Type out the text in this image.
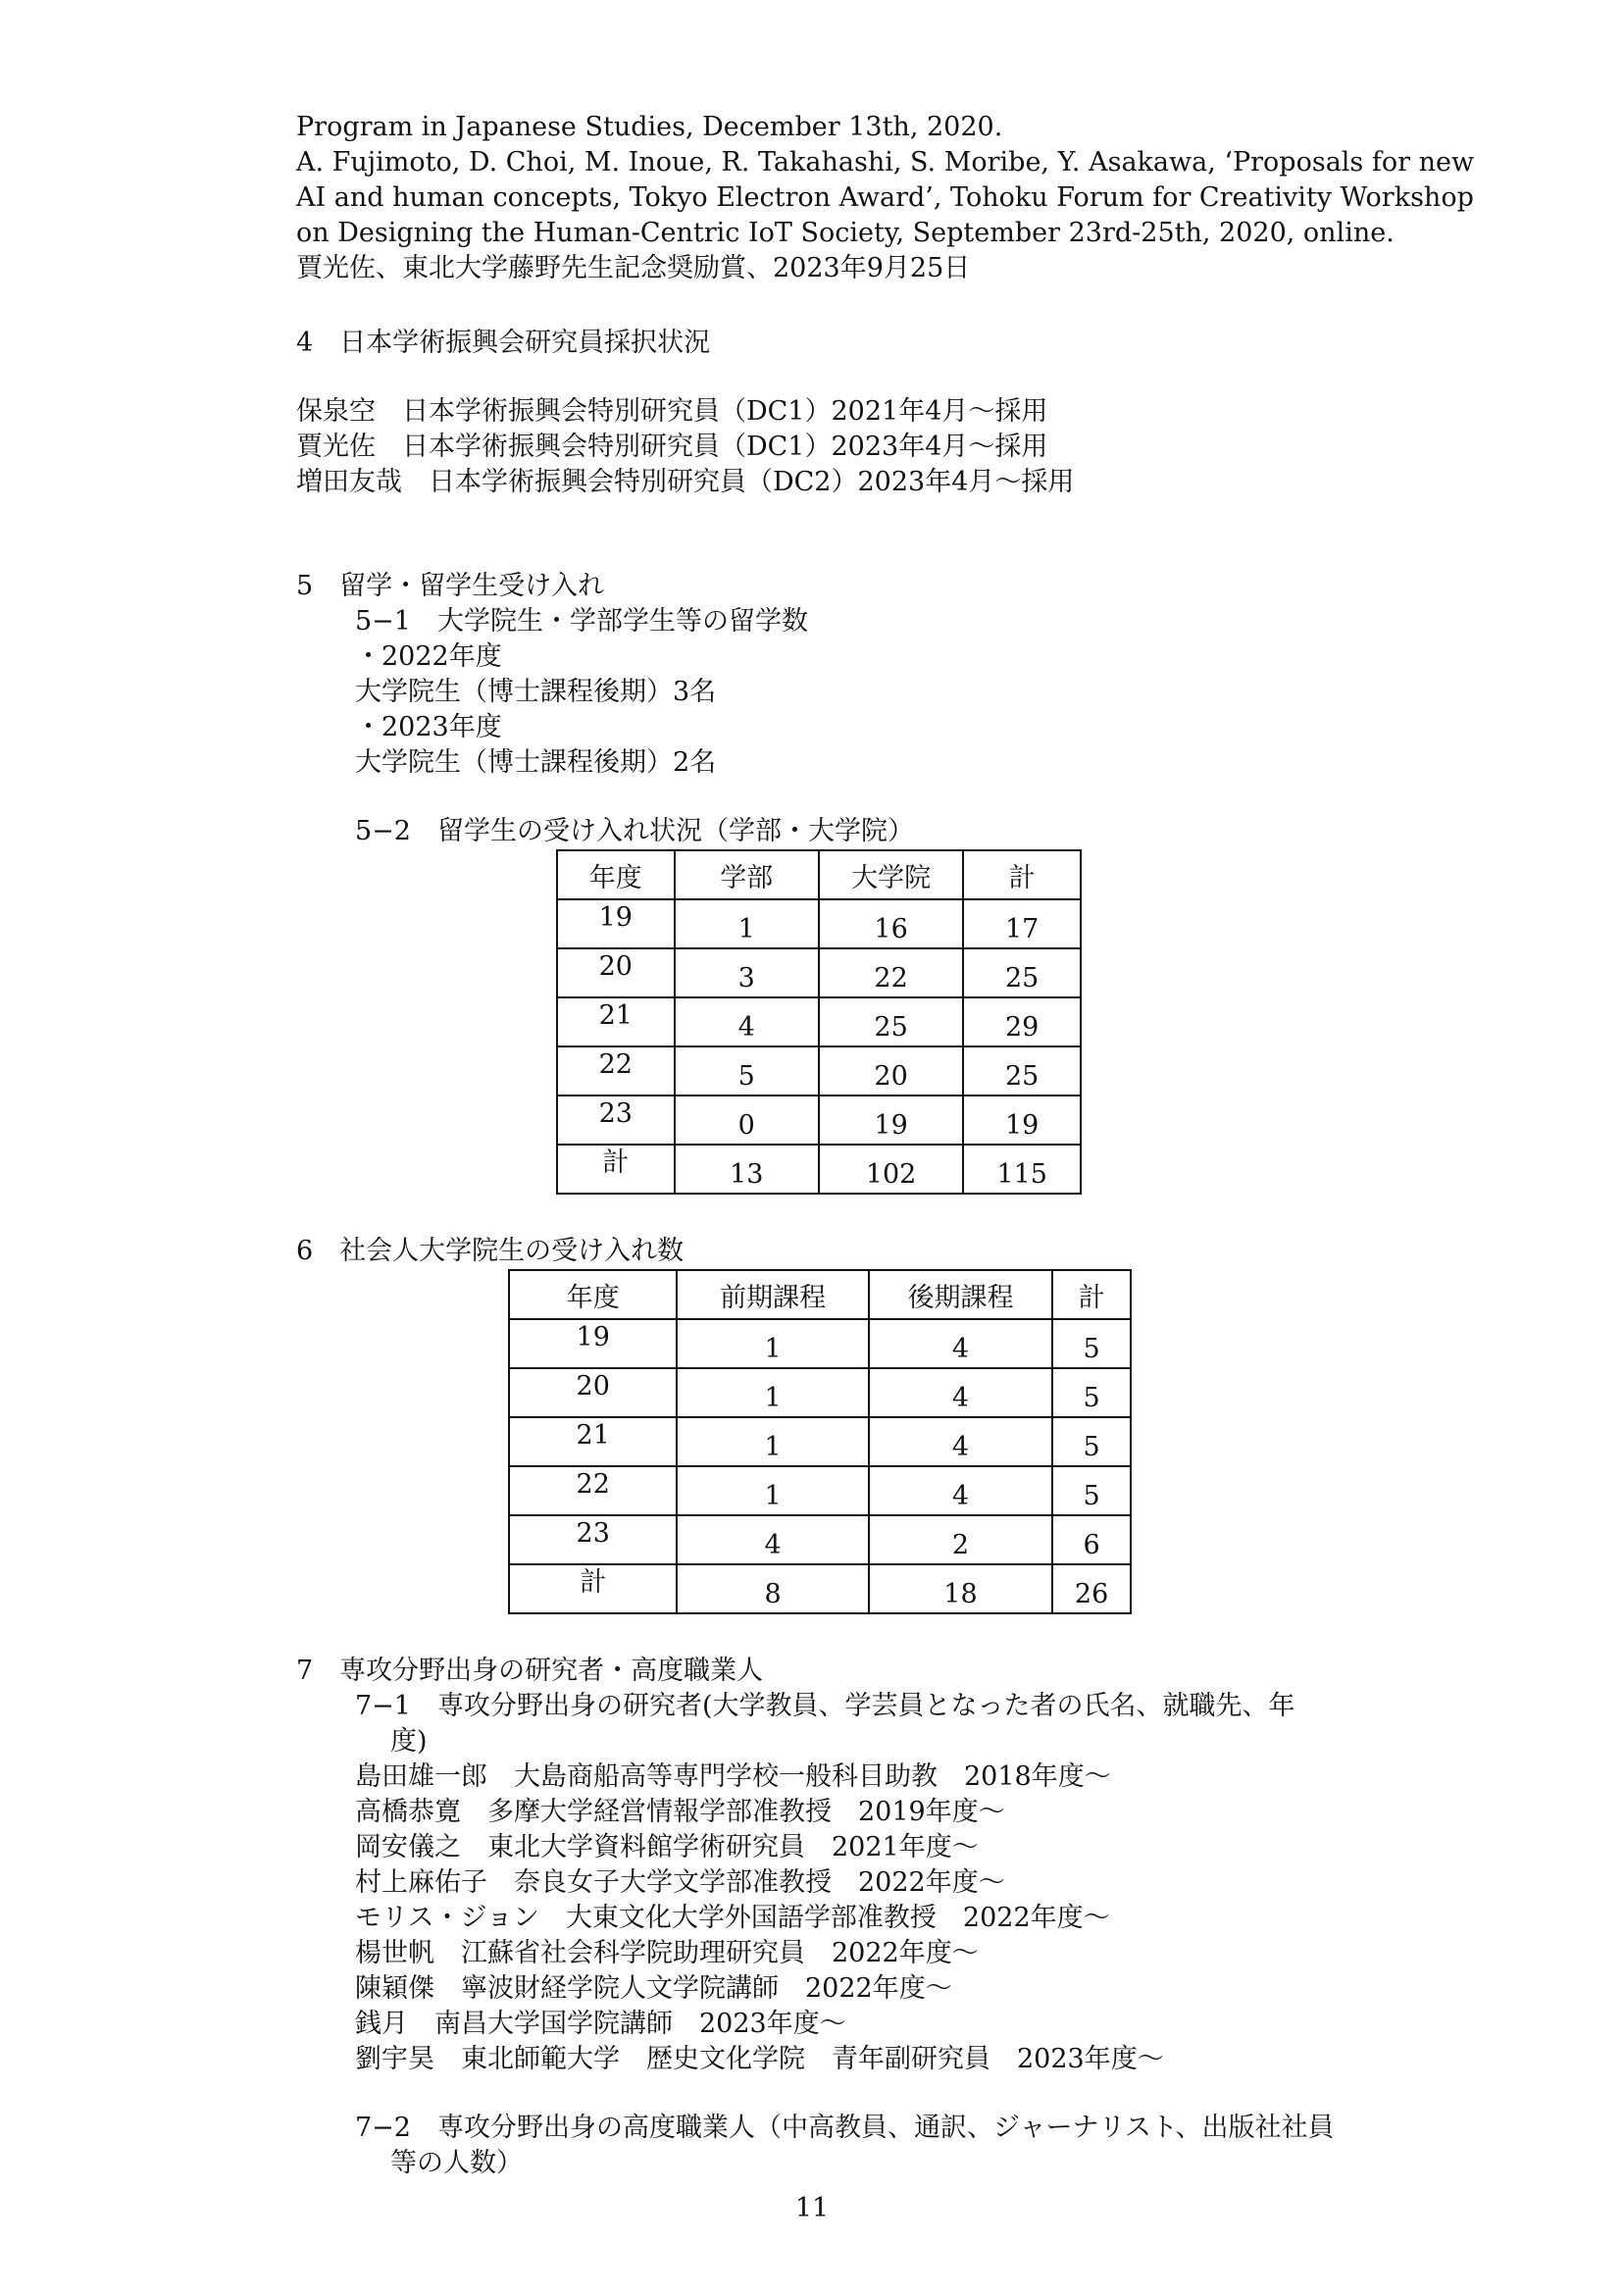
Program in Japanese Studies, December 13th, 2020.
A. Fujimoto, D. Choi, M. Inoue, R. Takahashi, S. Moribe, Y. Asakawa, ‘Proposals for new
AI and human concepts, Tokyo Electron Award’, Tohoku Forum for Creativity Workshop
on Designing the Human-Centric IoT Society, September 23rd-25th, 2020, online.
賈光佐、東北大学藤野先生記念奨励賞、2023年9月25日
4　日本学術振興会研究員採択状況
保泉空　日本学術振興会特別研究員（DC1）2021年4月～採用
賈光佐　日本学術振興会特別研究員（DC1）2023年4月～採用
増田友哉　日本学術振興会特別研究員（DC2）2023年4月～採用
5　留学・留学生受け入れ
5−1　大学院生・学部学生等の留学数
・2022年度
大学院生（博士課程後期）3名
・2023年度
大学院生（博士課程後期）2名
5−2　留学生の受け入れ状況（学部・大学院）
年度	学部	大学院	計
19	1	16	17
20	3	22	25
21	4	25	29
22	5	20	25
23	0	19	19
計	13	102	115
6　社会人大学院生の受け入れ数
年度	前期課程	後期課程	計
19	1	4	5
20	1	4	5
21	1	4	5
22	1	4	5
23	4	2	6
計	8	18	26
7　専攻分野出身の研究者・高度職業人
7−1　専攻分野出身の研究者(大学教員、学芸員となった者の氏名、就職先、年
度)
島田雄一郎　大島商船高等専門学校一般科目助教　2018年度～
高橋恭寛　多摩大学経営情報学部准教授　2019年度～
岡安儀之　東北大学資料館学術研究員　2021年度～
村上麻佑子　奈良女子大学文学部准教授　2022年度～
モリス・ジョン　大東文化大学外国語学部准教授　2022年度～
楊世帆　江蘇省社会科学院助理研究員　2022年度～
陳穎傑　寧波財経学院人文学院講師　2022年度～
銭月　南昌大学国学院講師　2023年度～
劉宇昊　東北師範大学　歴史文化学院　青年副研究員　2023年度～
7−2　専攻分野出身の高度職業人（中高教員、通訳、ジャーナリスト、出版社社員
等の人数）
11
